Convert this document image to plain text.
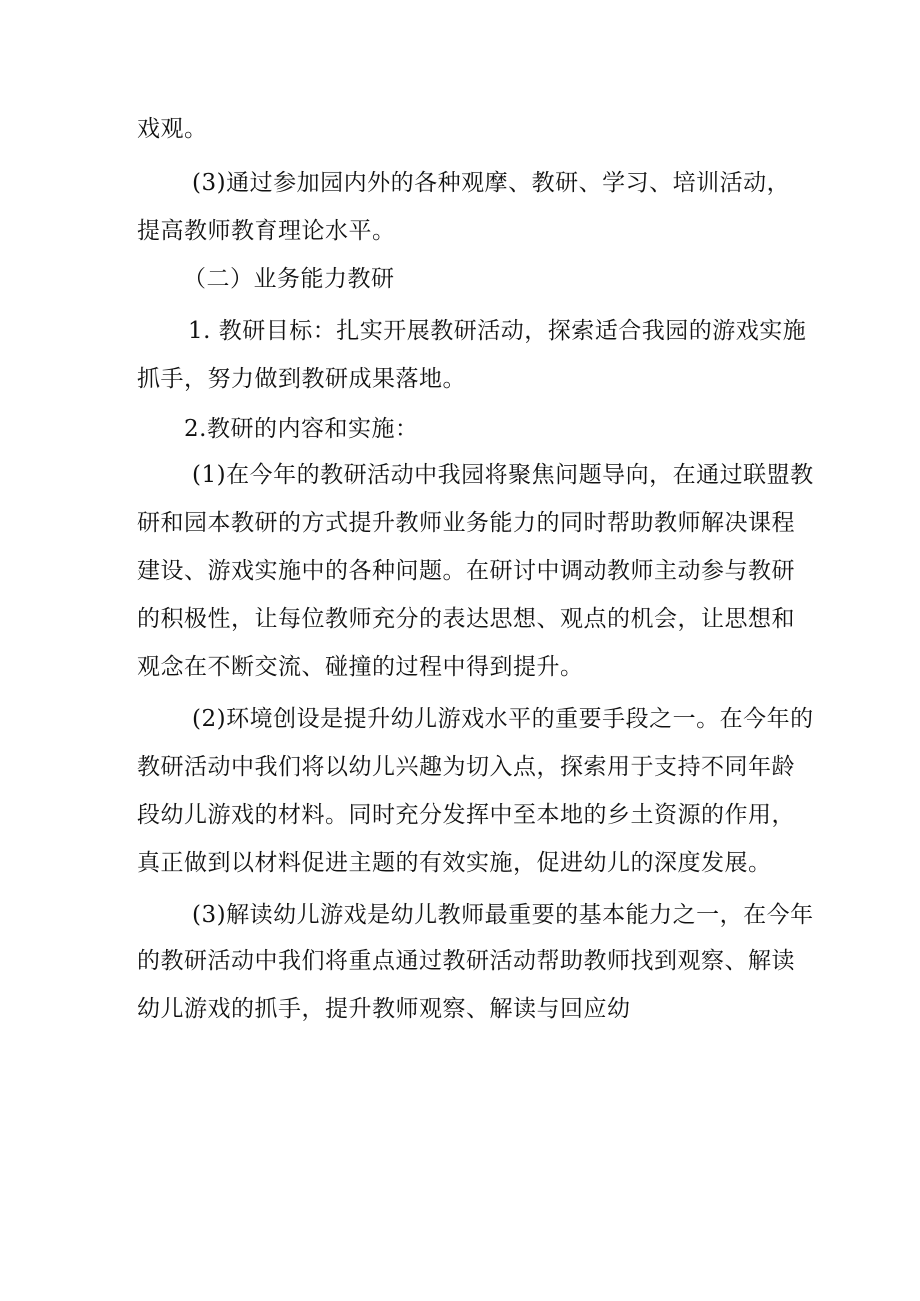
戏观。
(3)通过参加园内外的各种观摩、教研、学习、培训活动，
提高教师教育理论水平。
（二）业务能力教研
1. 教研目标：扎实开展教研活动，探索适合我园的游戏实施
抓手，努力做到教研成果落地。
2.教研的内容和实施：
(1)在今年的教研活动中我园将聚焦问题导向，在通过联盟教
研和园本教研的方式提升教师业务能力的同时帮助教师解决课程
建设、游戏实施中的各种问题。在研讨中调动教师主动参与教研
的积极性，让每位教师充分的表达思想、观点的机会，让思想和
观念在不断交流、碰撞的过程中得到提升。
(2)环境创设是提升幼儿游戏水平的重要手段之一。在今年的
教研活动中我们将以幼儿兴趣为切入点，探索用于支持不同年龄
段幼儿游戏的材料。同时充分发挥中至本地的乡土资源的作用，
真正做到以材料促进主题的有效实施，促进幼儿的深度发展。
(3)解读幼儿游戏是幼儿教师最重要的基本能力之一，在今年
的教研活动中我们将重点通过教研活动帮助教师找到观察、解读
幼儿游戏的抓手，提升教师观察、解读与回应幼
